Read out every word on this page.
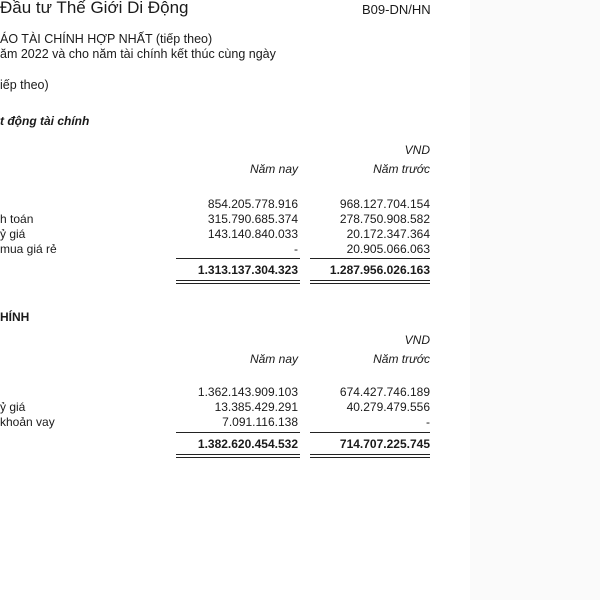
Đầu tư Thế Giới Di Động	B09-DN/HN
ÁO TÀI CHÍNH HỢP NHẤT (tiếp theo)
ăm 2022 và cho năm tài chính kết thúc cùng ngày
iếp theo)
t động tài chính
VND
Năm nay	Năm trước
854.205.778.916	968.127.704.154
h toán	315.790.685.374	278.750.908.582
ỷ giá	143.140.840.033	20.172.347.364
mua giá rẻ	-	20.905.066.063
1.313.137.304.323	1.287.956.026.163
HÍNH
VND
Năm nay	Năm trước
1.362.143.909.103	674.427.746.189
ỷ giá	13.385.429.291	40.279.479.556
khoản vay	7.091.116.138	-
1.382.620.454.532	714.707.225.745
